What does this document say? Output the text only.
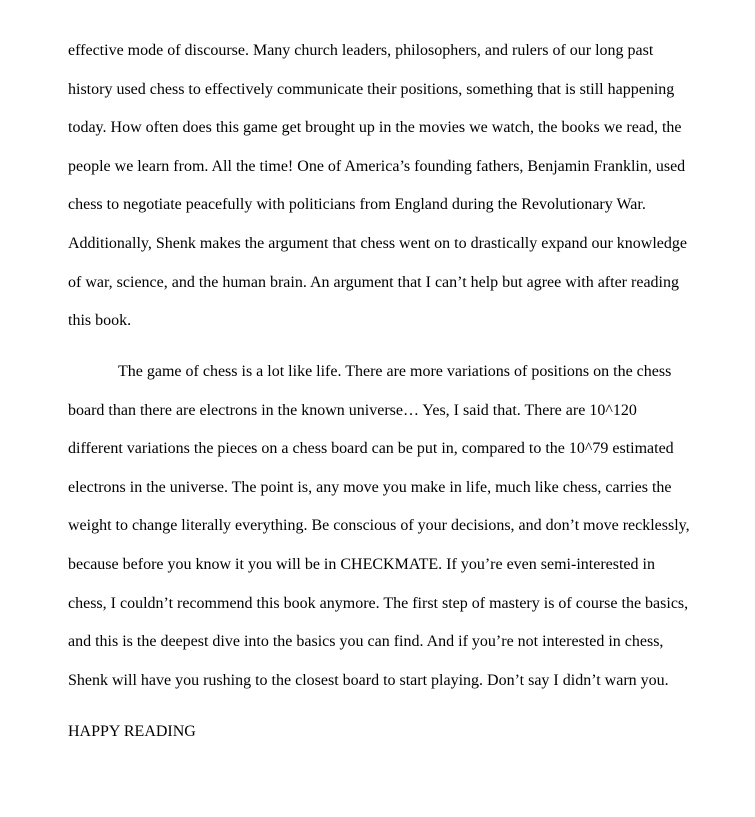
effective mode of discourse. Many church leaders, philosophers, and rulers of our long past
history used chess to effectively communicate their positions, something that is still happening
today. How often does this game get brought up in the movies we watch, the books we read, the
people we learn from. All the time! One of America’s founding fathers, Benjamin Franklin, used
chess to negotiate peacefully with politicians from England during the Revolutionary War.
Additionally, Shenk makes the argument that chess went on to drastically expand our knowledge
of war, science, and the human brain. An argument that I can’t help but agree with after reading
this book.
The game of chess is a lot like life. There are more variations of positions on the chess
board than there are electrons in the known universe… Yes, I said that. There are 10^120
different variations the pieces on a chess board can be put in, compared to the 10^79 estimated
electrons in the universe. The point is, any move you make in life, much like chess, carries the
weight to change literally everything. Be conscious of your decisions, and don’t move recklessly,
because before you know it you will be in CHECKMATE. If you’re even semi-interested in
chess, I couldn’t recommend this book anymore. The first step of mastery is of course the basics,
and this is the deepest dive into the basics you can find. And if you’re not interested in chess,
Shenk will have you rushing to the closest board to start playing. Don’t say I didn’t warn you.
HAPPY READING
